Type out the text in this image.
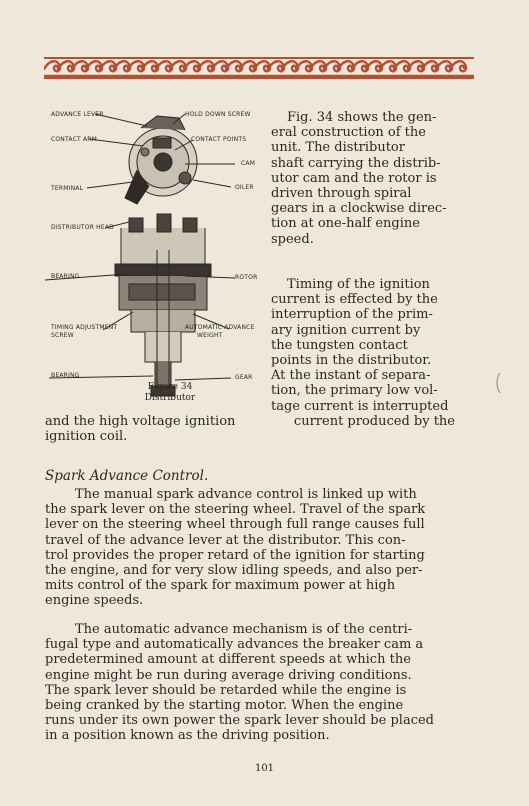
ADVANCE LEVER
CONTACT ARM
TERMINAL
HOLD DOWN SCREW
CONTACT POINTS
CAM
OILER
DISTRIBUTOR HEAD
BEARING	ROTOR
TIMING ADJUSTMENT
SCREW
AUTOMATIC ADVANCE
WEIGHT
BEARING	GEAR
Figure 34
Distributor
Fig. 34 shows the gen-
eral construction of the
unit. The distributor
shaft carrying the distrib-
utor cam and the rotor is
driven through spiral
gears in a clockwise direc-
tion at one-half engine
speed.
Timing of the ignition
current is effected by the
interruption of the prim-
ary ignition current by
the tungsten contact
points in the distributor.
At the instant of separa-
tion, the primary low vol-
tage current is interrupted
and the high voltage ignition	current produced by the
ignition coil.
Spark Advance Control.
The manual spark advance control is linked up with
the spark lever on the steering wheel. Travel of the spark
lever on the steering wheel through full range causes full
travel of the advance lever at the distributor. This con-
trol provides the proper retard of the ignition for starting
the engine, and for very slow idling speeds, and also per-
mits control of the spark for maximum power at high
engine speeds.
The automatic advance mechanism is of the centri-
fugal type and automatically advances the breaker cam a
predetermined amount at different speeds at which the
engine might be run during average driving conditions.
The spark lever should be retarded while the engine is
being cranked by the starting motor. When the engine
runs under its own power the spark lever should be placed
in a position known as the driving position.
101
